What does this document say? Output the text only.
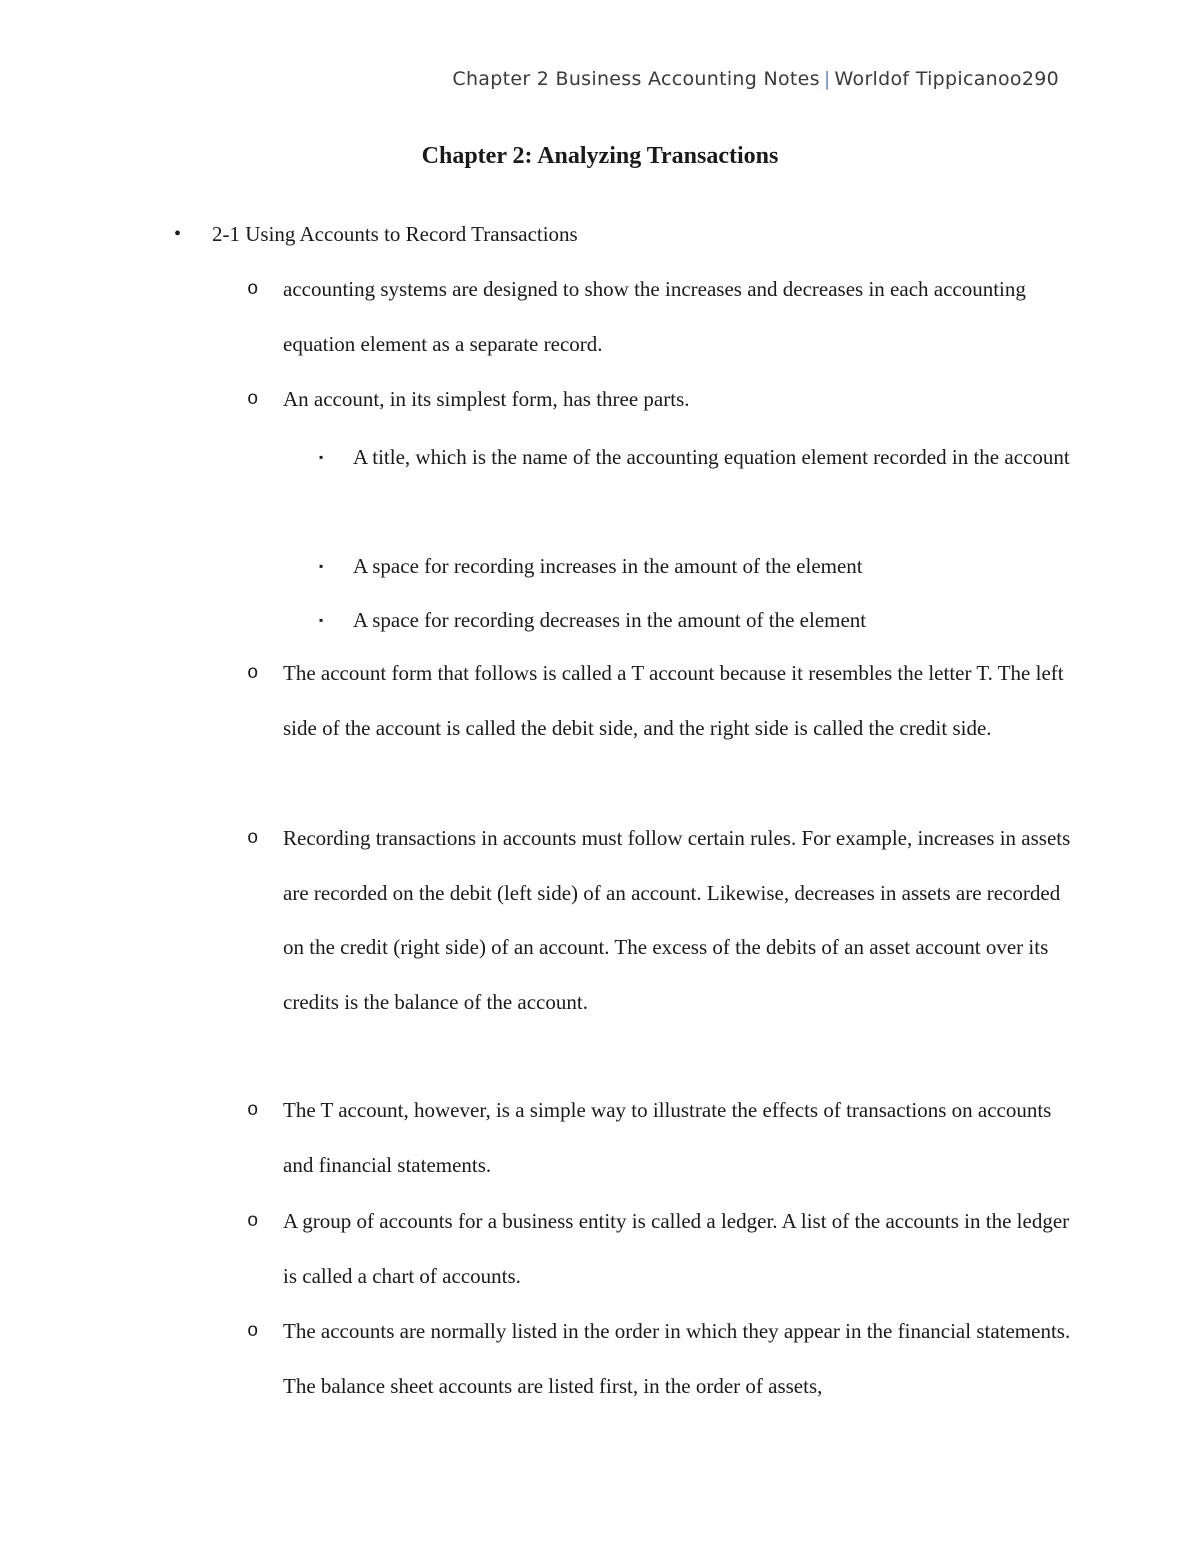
Chapter 2 Business Accounting Notes | Worldof Tippicanoo290
Chapter 2: Analyzing Transactions
• 2-1 Using Accounts to Record Transactions
o accounting systems are designed to show the increases and decreases in each accounting equation element as a separate record.
o An account, in its simplest form, has three parts.
▪ A title, which is the name of the accounting equation element recorded in the account
▪ A space for recording increases in the amount of the element
▪ A space for recording decreases in the amount of the element
o The account form that follows is called a T account because it resembles the letter T. The left side of the account is called the debit side, and the right side is called the credit side.
o Recording transactions in accounts must follow certain rules. For example, increases in assets are recorded on the debit (left side) of an account. Likewise, decreases in assets are recorded on the credit (right side) of an account. The excess of the debits of an asset account over its credits is the balance of the account.
o The T account, however, is a simple way to illustrate the effects of transactions on accounts and financial statements.
o A group of accounts for a business entity is called a ledger. A list of the accounts in the ledger is called a chart of accounts.
o The accounts are normally listed in the order in which they appear in the financial statements. The balance sheet accounts are listed first, in the order of assets,
